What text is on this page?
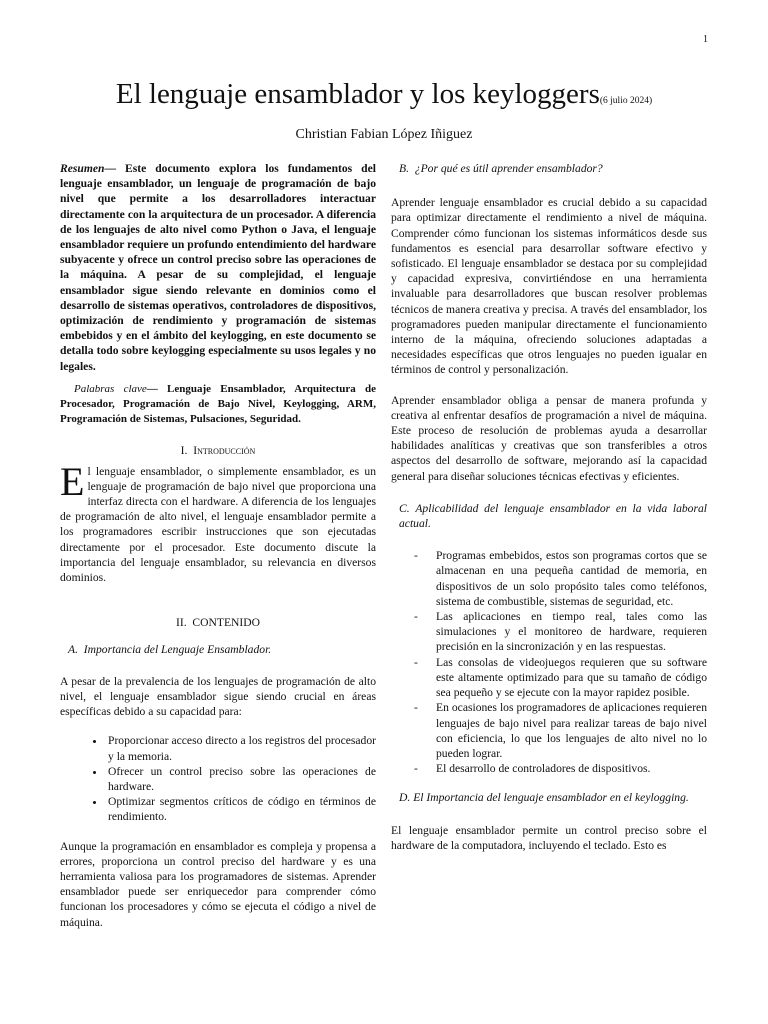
1
El lenguaje ensamblador y los keyloggers(6 julio 2024)
Christian Fabian López Iñiguez

Resumen— Este documento explora los fundamentos del lenguaje ensamblador, un lenguaje de programación de bajo nivel que permite a los desarrolladores interactuar directamente con la arquitectura de un procesador. A diferencia de los lenguajes de alto nivel como Python o Java, el lenguaje ensamblador requiere un profundo entendimiento del hardware subyacente y ofrece un control preciso sobre las operaciones de la máquina. A pesar de su complejidad, el lenguaje ensamblador sigue siendo relevante en dominios como el desarrollo de sistemas operativos, controladores de dispositivos, optimización de rendimiento y programación de sistemas embebidos y en el ámbito del keylogging, en este documento se detalla todo sobre keylogging especialmente su usos legales y no legales.

Palabras clave— Lenguaje Ensamblador, Arquitectura de Procesador, Programación de Bajo Nivel, Keylogging, ARM, Programación de Sistemas, Pulsaciones, Seguridad.

I. Introducción

El lenguaje ensamblador, o simplemente ensamblador, es un lenguaje de programación de bajo nivel que proporciona una interfaz directa con el hardware. A diferencia de los lenguajes de programación de alto nivel, el lenguaje ensamblador permite a los programadores escribir instrucciones que son ejecutadas directamente por el procesador. Este documento discute la importancia del lenguaje ensamblador, su relevancia en diversos dominios.

II. CONTENIDO

A. Importancia del Lenguaje Ensamblador.

A pesar de la prevalencia de los lenguajes de programación de alto nivel, el lenguaje ensamblador sigue siendo crucial en áreas específicas debido a su capacidad para:

• Proporcionar acceso directo a los registros del procesador y la memoria.
• Ofrecer un control preciso sobre las operaciones de hardware.
• Optimizar segmentos críticos de código en términos de rendimiento.

Aunque la programación en ensamblador es compleja y propensa a errores, proporciona un control preciso del hardware y es una herramienta valiosa para los programadores de sistemas. Aprender ensamblador puede ser enriquecedor para comprender cómo funcionan los procesadores y cómo se ejecuta el código a nivel de máquina.

B. ¿Por qué es útil aprender ensamblador?

Aprender lenguaje ensamblador es crucial debido a su capacidad para optimizar directamente el rendimiento a nivel de máquina. Comprender cómo funcionan los sistemas informáticos desde sus fundamentos es esencial para desarrollar software efectivo y sofisticado. El lenguaje ensamblador se destaca por su complejidad y capacidad expresiva, convirtiéndose en una herramienta invaluable para desarrolladores que buscan resolver problemas técnicos de manera creativa y precisa. A través del ensamblador, los programadores pueden manipular directamente el funcionamiento interno de la máquina, ofreciendo soluciones adaptadas a necesidades específicas que otros lenguajes no pueden igualar en términos de control y personalización.

Aprender ensamblador obliga a pensar de manera profunda y creativa al enfrentar desafíos de programación a nivel de máquina. Este proceso de resolución de problemas ayuda a desarrollar habilidades analíticas y creativas que son transferibles a otros aspectos del desarrollo de software, mejorando así la capacidad general para diseñar soluciones técnicas efectivas y eficientes.

C. Aplicabilidad del lenguaje ensamblador en la vida laboral actual.

- Programas embebidos, estos son programas cortos que se almacenan en una pequeña cantidad de memoria, en dispositivos de un solo propósito tales como teléfonos, sistema de combustible, sistemas de seguridad, etc.
- Las aplicaciones en tiempo real, tales como las simulaciones y el monitoreo de hardware, requieren precisión en la sincronización y en las respuestas.
- Las consolas de videojuegos requieren que su software este altamente optimizado para que su tamaño de código sea pequeño y se ejecute con la mayor rapidez posible.
- En ocasiones los programadores de aplicaciones requieren lenguajes de bajo nivel para realizar tareas de bajo nivel con eficiencia, lo que los lenguajes de alto nivel no lo pueden lograr.
- El desarrollo de controladores de dispositivos.

D. El Importancia del lenguaje ensamblador en el keylogging.

El lenguaje ensamblador permite un control preciso sobre el hardware de la computadora, incluyendo el teclado. Esto es
